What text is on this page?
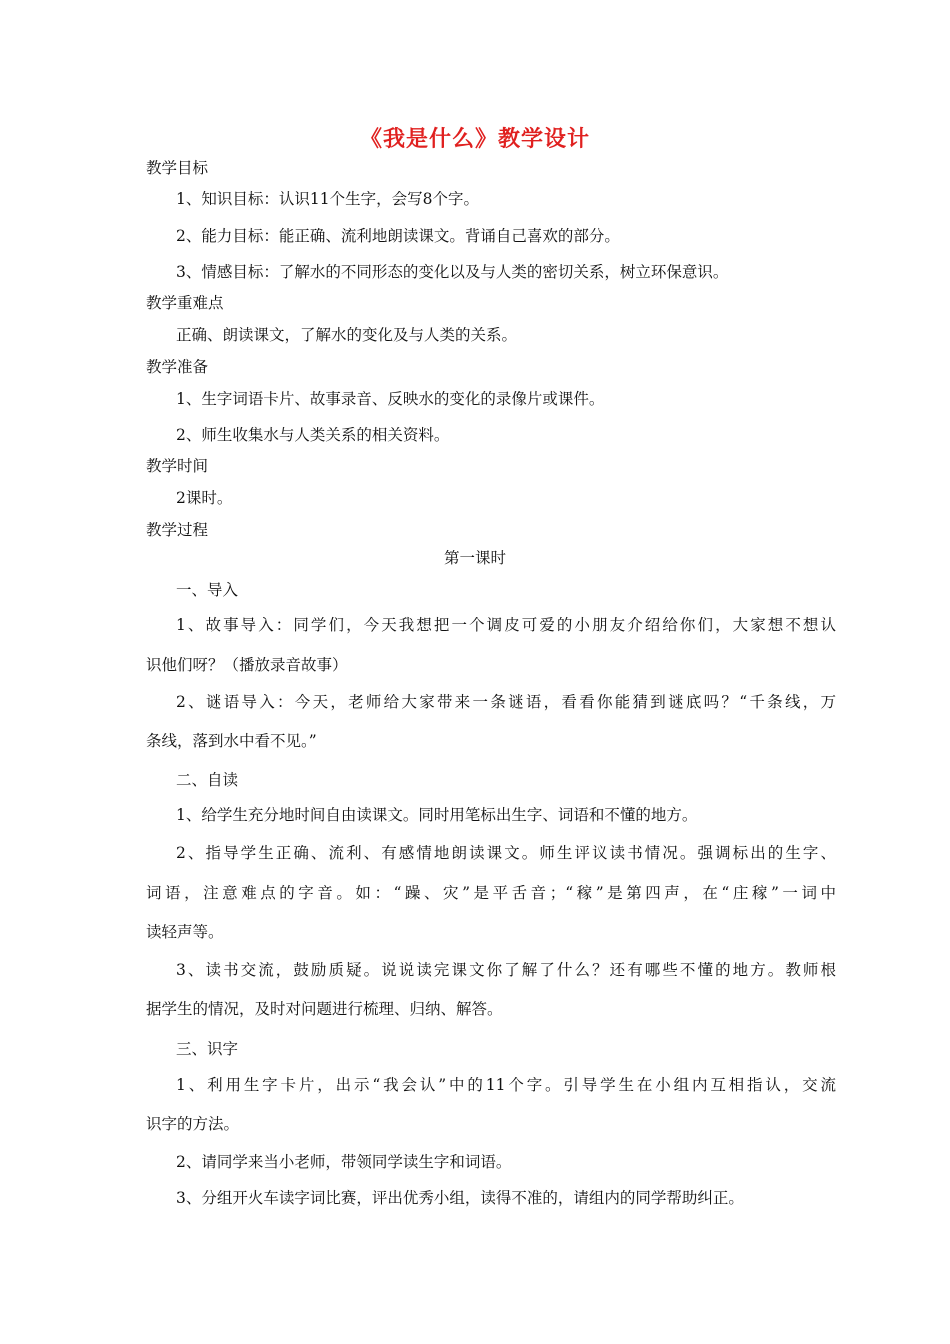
《我是什么》教学设计
教学目标
1、知识目标：认识11个生字，会写8个字。
2、能力目标：能正确、流利地朗读课文。背诵自己喜欢的部分。
3、情感目标：了解水的不同形态的变化以及与人类的密切关系，树立环保意识。
教学重难点
正确、朗读课文，了解水的变化及与人类的关系。
教学准备
1、生字词语卡片、故事录音、反映水的变化的录像片或课件。
2、师生收集水与人类关系的相关资料。
教学时间
2课时。
教学过程
第一课时
一、导入
1、故事导入：同学们，今天我想把一个调皮可爱的小朋友介绍给你们，大家想不想认
识他们呀？（播放录音故事）
2、谜语导入：今天，老师给大家带来一条谜语，看看你能猜到谜底吗？“千条线，万
条线，落到水中看不见。”
二、自读
1、给学生充分地时间自由读课文。同时用笔标出生字、词语和不懂的地方。
2、指导学生正确、流利、有感情地朗读课文。师生评议读书情况。强调标出的生字、
词语，注意难点的字音。如：“躁、灾”是平舌音；“稼”是第四声，在“庄稼”一词中
读轻声等。
3、读书交流，鼓励质疑。说说读完课文你了解了什么？还有哪些不懂的地方。教师根
据学生的情况，及时对问题进行梳理、归纳、解答。
三、识字
1、利用生字卡片，出示“我会认”中的11个字。引导学生在小组内互相指认，交流
识字的方法。
2、请同学来当小老师，带领同学读生字和词语。
3、分组开火车读字词比赛，评出优秀小组，读得不准的，请组内的同学帮助纠正。
